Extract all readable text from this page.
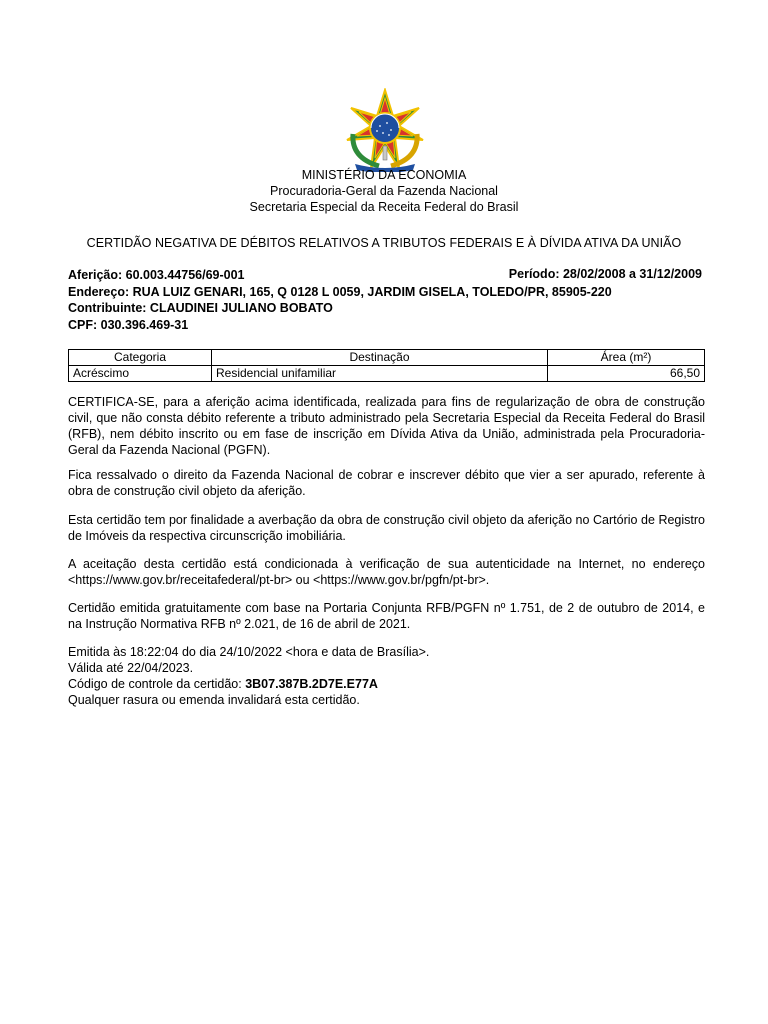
MINISTÉRIO DA ECONOMIA
Procuradoria-Geral da Fazenda Nacional
Secretaria Especial da Receita Federal do Brasil
CERTIDÃO NEGATIVA DE DÉBITOS RELATIVOS A TRIBUTOS FEDERAIS E À DÍVIDA ATIVA DA UNIÃO
Aferição: 60.003.44756/69-001	Período: 28/02/2008 a 31/12/2009
Endereço: RUA LUIZ GENARI, 165, Q 0128 L 0059, JARDIM GISELA, TOLEDO/PR, 85905-220
Contribuinte: CLAUDINEI JULIANO BOBATO
CPF: 030.396.469-31
Categoria	Destinação	Área (m²)
Acréscimo	Residencial unifamiliar	66,50
CERTIFICA-SE, para a aferição acima identificada, realizada para fins de regularização de obra de construção civil, que não consta débito referente a tributo administrado pela Secretaria Especial da Receita Federal do Brasil (RFB), nem débito inscrito ou em fase de inscrição em Dívida Ativa da União, administrada pela Procuradoria-Geral da Fazenda Nacional (PGFN).
Fica ressalvado o direito da Fazenda Nacional de cobrar e inscrever débito que vier a ser apurado, referente à obra de construção civil objeto da aferição.
Esta certidão tem por finalidade a averbação da obra de construção civil objeto da aferição no Cartório de Registro de Imóveis da respectiva circunscrição imobiliária.
A aceitação desta certidão está condicionada à verificação de sua autenticidade na Internet, no endereço <https://www.gov.br/receitafederal/pt-br> ou <https://www.gov.br/pgfn/pt-br>.
Certidão emitida gratuitamente com base na Portaria Conjunta RFB/PGFN nº 1.751, de 2 de outubro de 2014, e na Instrução Normativa RFB nº 2.021, de 16 de abril de 2021.
Emitida às 18:22:04 do dia 24/10/2022 <hora e data de Brasília>.
Válida até 22/04/2023.
Código de controle da certidão: 3B07.387B.2D7E.E77A
Qualquer rasura ou emenda invalidará esta certidão.
